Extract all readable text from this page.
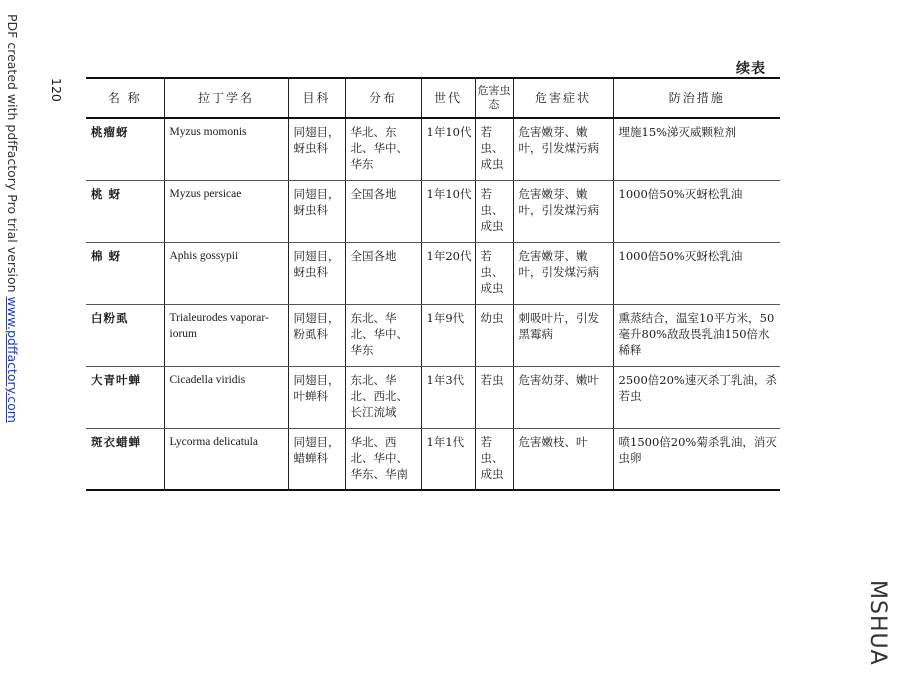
PDF created with pdfFactory Pro trial version www.pdffactory.com
120
续表
MSHUA
名 称	拉丁学名	目科	分布	世代	危害虫态	危害症状	防治措施
桃瘤蚜	Myzus momonis	同翅目，蚜虫科	华北、东北、华中、华东	1年10代	若虫、成虫	危害嫩芽、嫩叶，引发煤污病	埋施15%涕灭威颗粒剂
桃 蚜	Myzus persicae	同翅目，蚜虫科	全国各地	1年10代	若虫、成虫	危害嫩芽、嫩叶，引发煤污病	1000倍50%灭蚜松乳油
棉 蚜	Aphis gossypii	同翅目，蚜虫科	全国各地	1年20代	若虫、成虫	危害嫩芽、嫩叶，引发煤污病	1000倍50%灭蚜松乳油
白粉虱	Trialeurodes vaporar-iorum	同翅目，粉虱科	东北、华北、华中、华东	1年9代	幼虫	刺吸叶片，引发黑霉病	熏蒸结合，温室10平方米，50毫升80%敌敌畏乳油150倍水稀释
大青叶蝉	Cicadella viridis	同翅目，叶蝉科	东北、华北、西北、长江流域	1年3代	若虫	危害幼芽、嫩叶	2500倍20%速灭杀丁乳油，杀若虫
斑衣蜡蝉	Lycorma delicatula	同翅目，蜡蝉科	华北、西北、华中、华东、华南	1年1代	若虫、成虫	危害嫩枝、叶	喷1500倍20%菊杀乳油，消灭虫卵
